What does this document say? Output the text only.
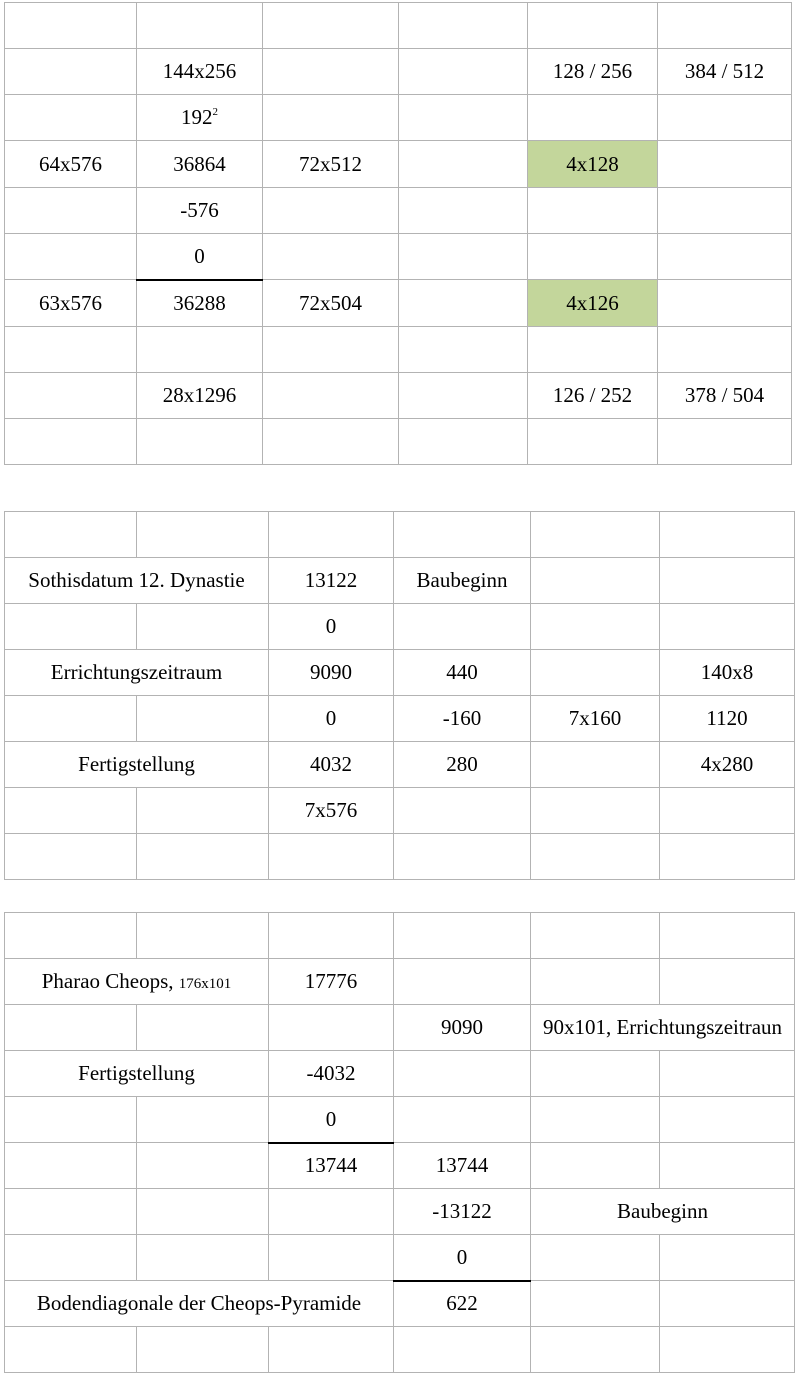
	144x256			128 / 256	384 / 512
	$192^2$				
64x576	36864	72x512		4x128	
	-576				
	0				
63x576	36288	72x504		4x126	

	28x1296			126 / 252	378 / 504

Sothisdatum 12. Dynastie		13122	Baubeginn		
		0			
Errichtungszeitraum		9090	440		140x8
		0	-160	7x160	1120
Fertigstellung		4032	280		4x280
		7x576			

Pharao Cheops, 176x101		17776			
			9090	90x101, Errichtungszeitraun	
Fertigstellung		-4032			
		0			
		13744	13744		
			-13122	Baubeginn	
			0		
Bodendiagonale der Cheops-Pyramide			622		
